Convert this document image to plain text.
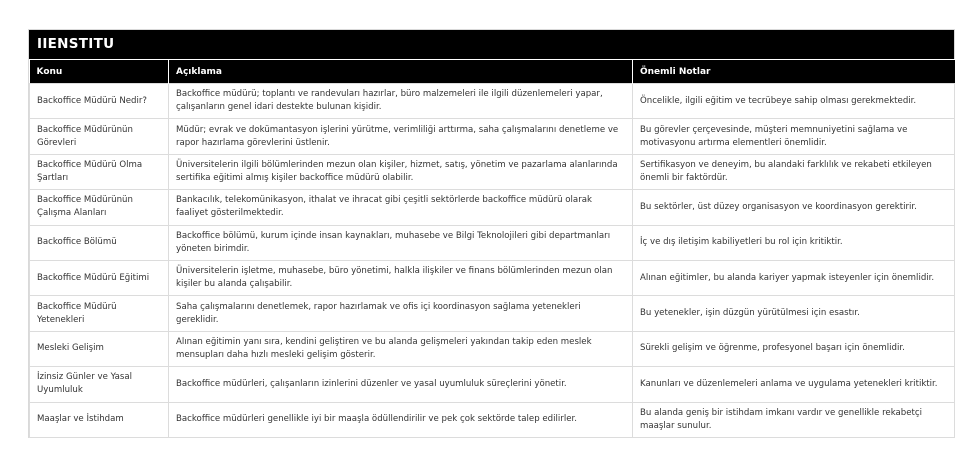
IIENSTITU
Konu	Açıklama	Önemli Notlar
Backoffice Müdürü Nedir?	Backoffice müdürü; toplantı ve randevuları hazırlar, büro malzemeleri ile ilgili düzenlemeleri yapar, çalışanların genel idari destekte bulunan kişidir.	Öncelikle, ilgili eğitim ve tecrübeye sahip olması gerekmektedir.
Backoffice Müdürünün Görevleri	Müdür; evrak ve dokümantasyon işlerini yürütme, verimliliği arttırma, saha çalışmalarını denetleme ve rapor hazırlama görevlerini üstlenir.	Bu görevler çerçevesinde, müşteri memnuniyetini sağlama ve motivasyonu artırma elementleri önemlidir.
Backoffice Müdürü Olma Şartları	Üniversitelerin ilgili bölümlerinden mezun olan kişiler, hizmet, satış, yönetim ve pazarlama alanlarında sertifika eğitimi almış kişiler backoffice müdürü olabilir.	Sertifikasyon ve deneyim, bu alandaki farklılık ve rekabeti etkileyen önemli bir faktördür.
Backoffice Müdürünün Çalışma Alanları	Bankacılık, telekomünikasyon, ithalat ve ihracat gibi çeşitli sektörlerde backoffice müdürü olarak faaliyet gösterilmektedir.	Bu sektörler, üst düzey organisasyon ve koordinasyon gerektirir.
Backoffice Bölümü	Backoffice bölümü, kurum içinde insan kaynakları, muhasebe ve Bilgi Teknolojileri gibi departmanları yöneten birimdir.	İç ve dış iletişim kabiliyetleri bu rol için kritiktir.
Backoffice Müdürü Eğitimi	Üniversitelerin işletme, muhasebe, büro yönetimi, halkla ilişkiler ve finans bölümlerinden mezun olan kişiler bu alanda çalışabilir.	Alınan eğitimler, bu alanda kariyer yapmak isteyenler için önemlidir.
Backoffice Müdürü Yetenekleri	Saha çalışmalarını denetlemek, rapor hazırlamak ve ofis içi koordinasyon sağlama yetenekleri gereklidir.	Bu yetenekler, işin düzgün yürütülmesi için esastır.
Mesleki Gelişim	Alınan eğitimin yanı sıra, kendini geliştiren ve bu alanda gelişmeleri yakından takip eden meslek mensupları daha hızlı mesleki gelişim gösterir.	Sürekli gelişim ve öğrenme, profesyonel başarı için önemlidir.
İzinsiz Günler ve Yasal Uyumluluk	Backoffice müdürleri, çalışanların izinlerini düzenler ve yasal uyumluluk süreçlerini yönetir.	Kanunları ve düzenlemeleri anlama ve uygulama yetenekleri kritiktir.
Maaşlar ve İstihdam	Backoffice müdürleri genellikle iyi bir maaşla ödüllendirilir ve pek çok sektörde talep edilirler.	Bu alanda geniş bir istihdam imkanı vardır ve genellikle rekabetçi maaşlar sunulur.
